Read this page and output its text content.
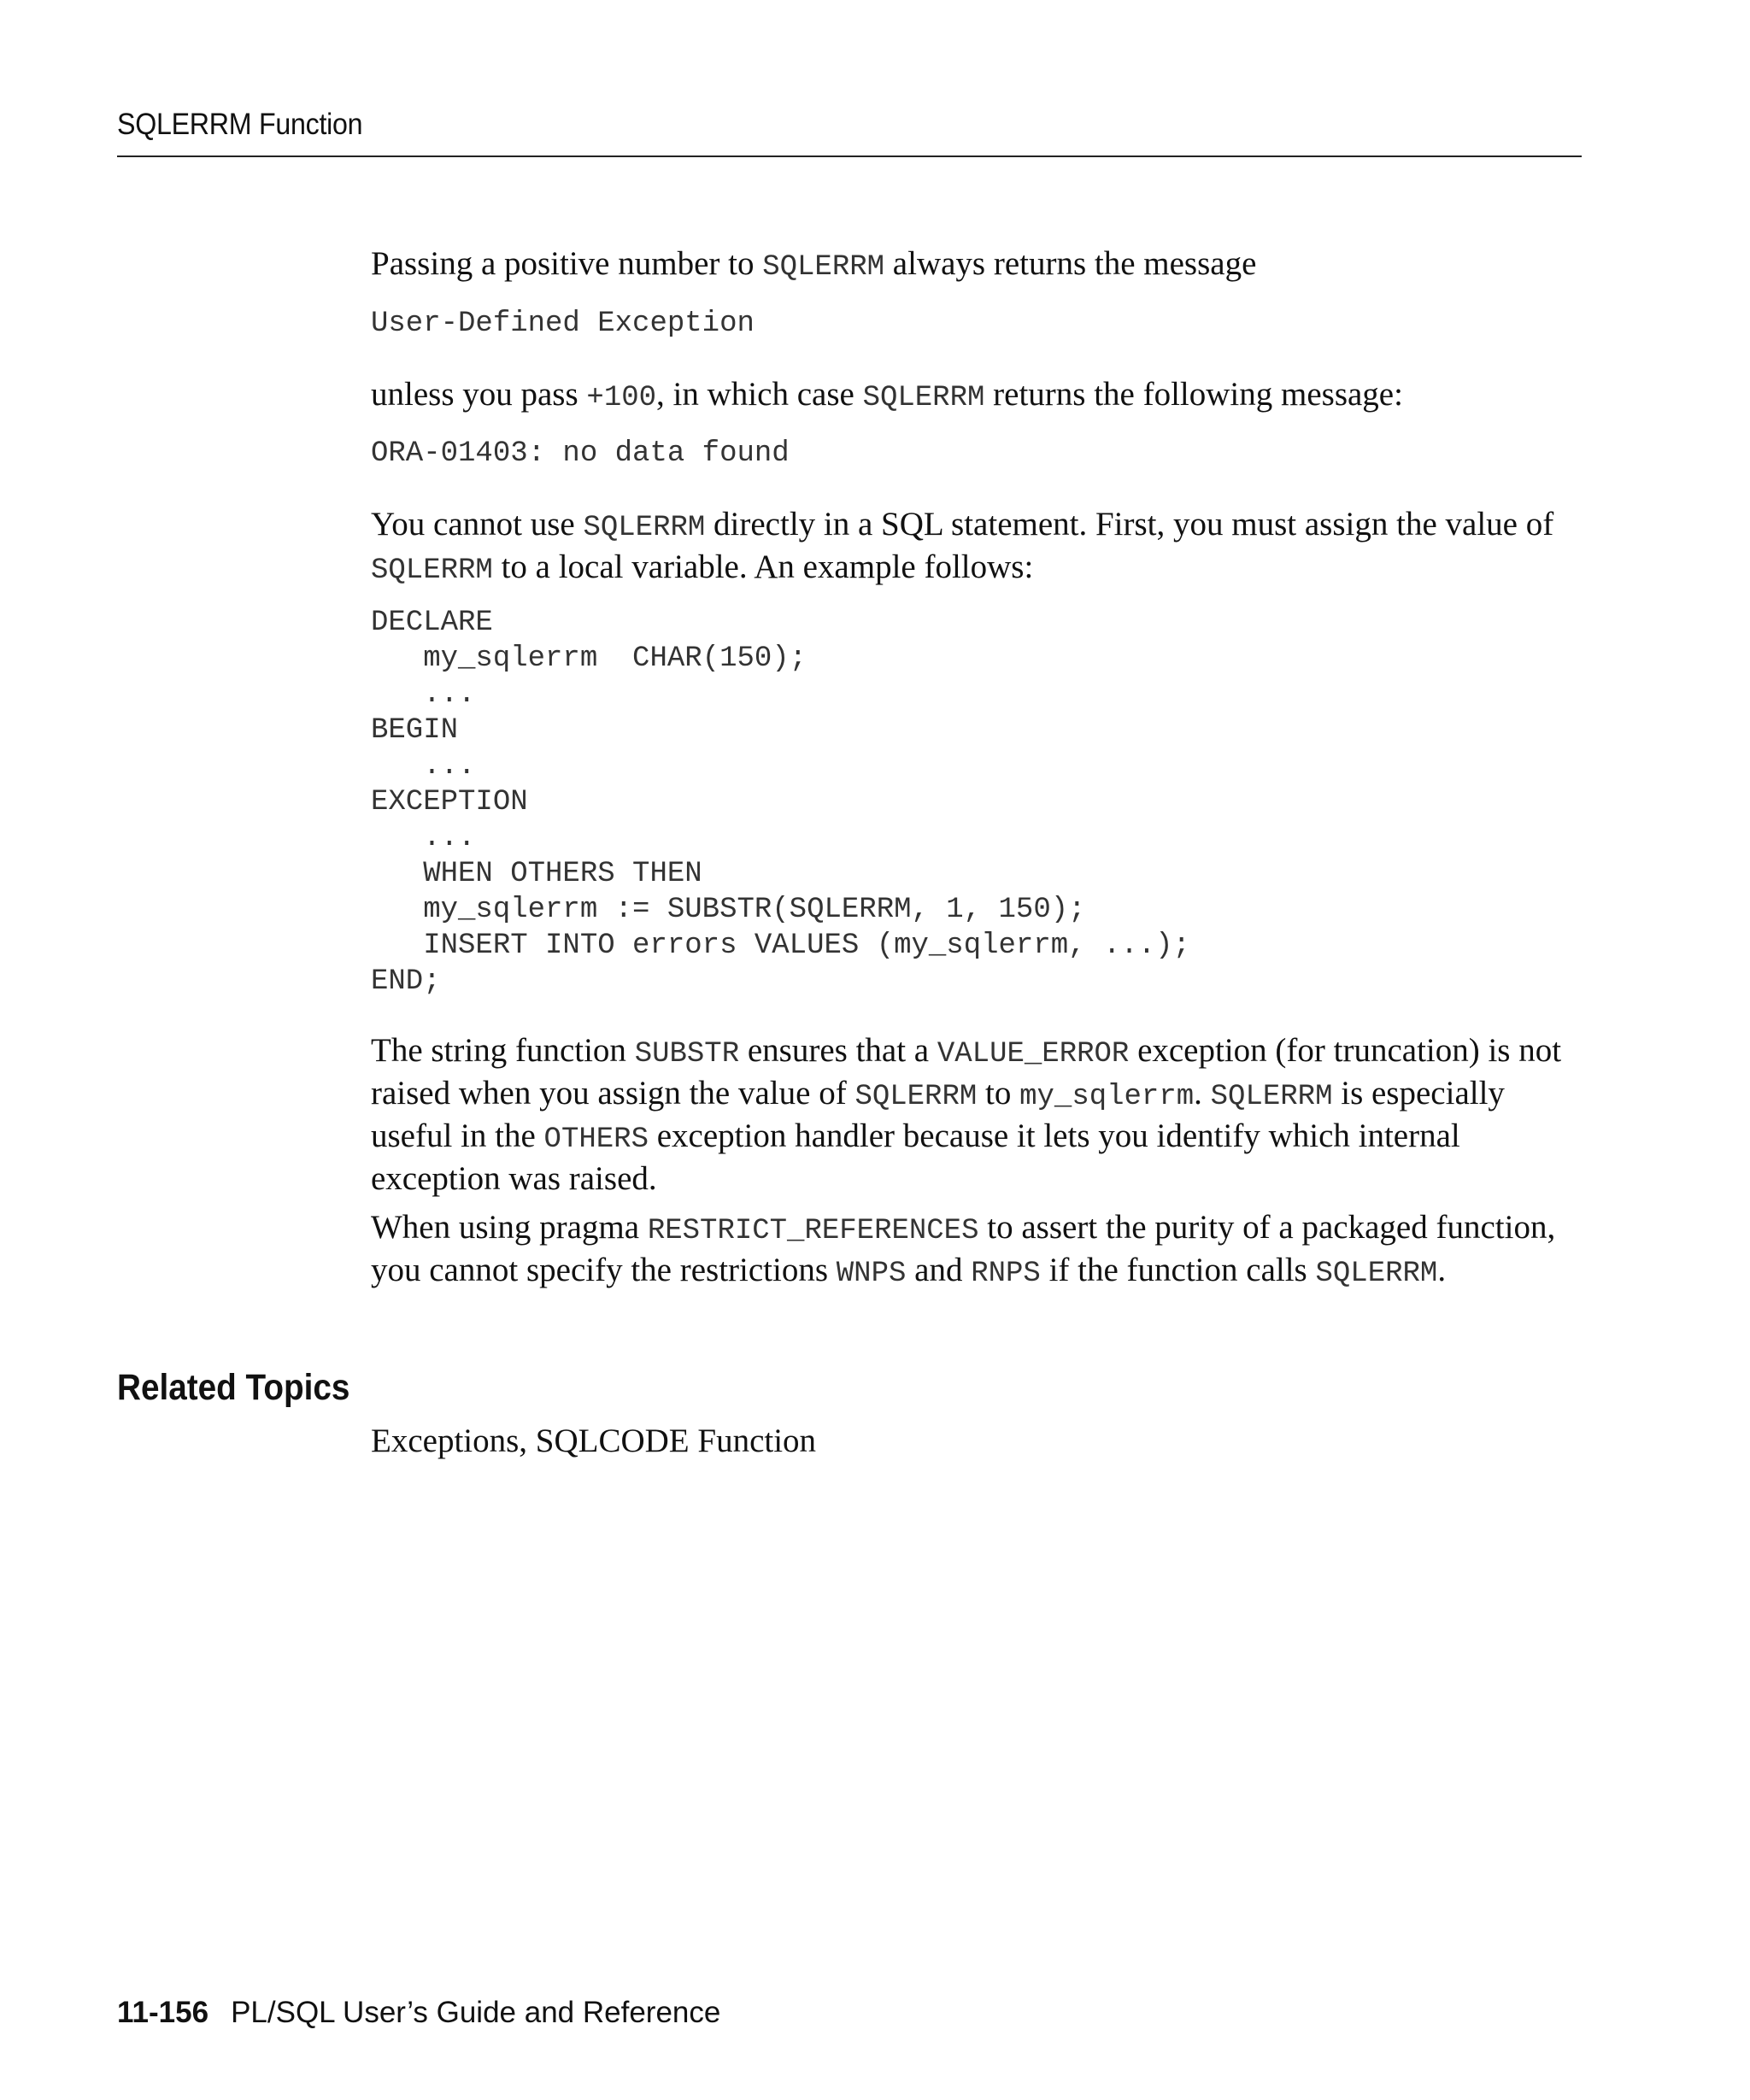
SQLERRM Function

Passing a positive number to SQLERRM always returns the message

User-Defined Exception

unless you pass +100, in which case SQLERRM returns the following message:

ORA-01403: no data found

You cannot use SQLERRM directly in a SQL statement. First, you must assign the value of SQLERRM to a local variable. An example follows:

DECLARE
my_sqlerrm  CHAR(150);
...
BEGIN
...
EXCEPTION
...
WHEN OTHERS THEN
my_sqlerrm := SUBSTR(SQLERRM, 1, 150);
INSERT INTO errors VALUES (my_sqlerrm, ...);
END;

The string function SUBSTR ensures that a VALUE_ERROR exception (for truncation) is not raised when you assign the value of SQLERRM to my_sqlerrm. SQLERRM is especially useful in the OTHERS exception handler because it lets you identify which internal exception was raised.

When using pragma RESTRICT_REFERENCES to assert the purity of a packaged function, you cannot specify the restrictions WNPS and RNPS if the function calls SQLERRM.

Related Topics

Exceptions, SQLCODE Function

11-156 PL/SQL User’s Guide and Reference
